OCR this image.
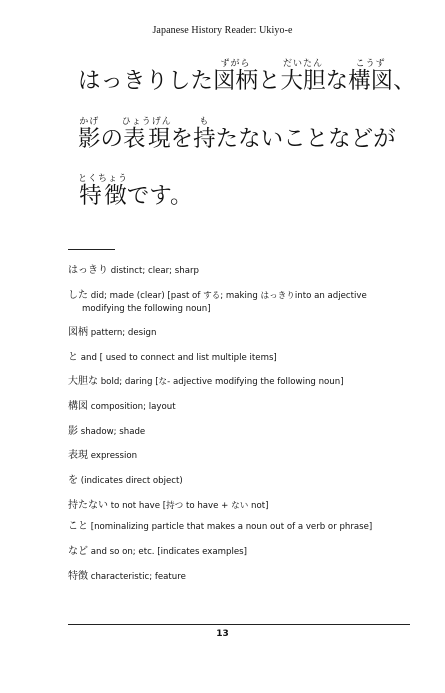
Japanese History Reader: Ukiyo-e

はっきりした図柄ずがらと大胆だいたんな構図こうず、

影かげの表現ひょうげんを持もたないことなどが

特徴とくちょうです。

はっきり distinct; clear; sharp
した did; made (clear) [past of する; making はっきりinto an adjective
modifying the following noun]
図柄 pattern; design
と and [ used to connect and list multiple items]
大胆な bold; daring [な- adjective modifying the following noun]
構図 composition; layout
影 shadow; shade
表現 expression
を (indicates direct object)
持たない to not have [持つ to have + ない not]
こと [nominalizing particle that makes a noun out of a verb or phrase]
など and so on; etc. [indicates examples]
特徴 characteristic; feature
13
